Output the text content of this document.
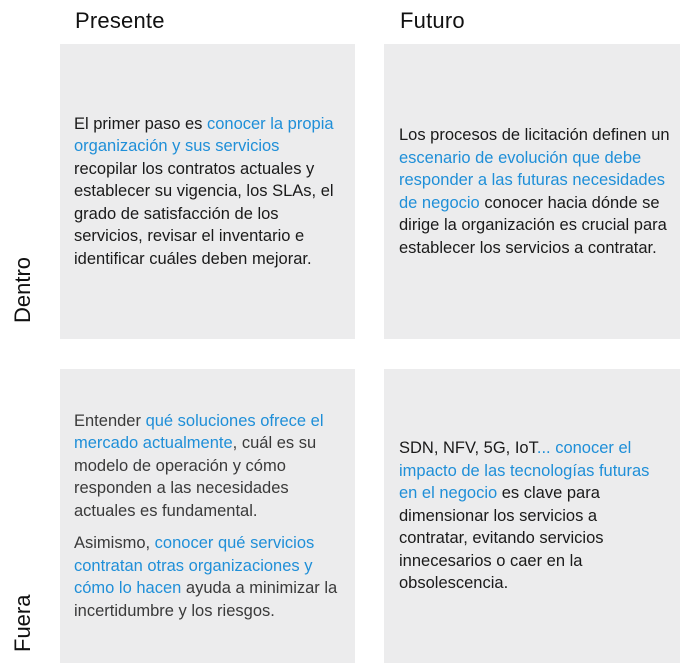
Presente	Futuro
Dentro
Fuera

El primer paso es conocer la propia organización y sus servicios recopilar los contratos actuales y establecer su vigencia, los SLAs, el grado de satisfacción de los servicios, revisar el inventario e identificar cuáles deben mejorar.

Los procesos de licitación definen un escenario de evolución que debe responder a las futuras necesidades de negocio conocer hacia dónde se dirige la organización es crucial para establecer los servicios a contratar.

Entender qué soluciones ofrece el mercado actualmente, cuál es su modelo de operación y cómo responden a las necesidades actuales es fundamental.

Asimismo, conocer qué servicios contratan otras organizaciones y cómo lo hacen ayuda a minimizar la incertidumbre y los riesgos.

SDN, NFV, 5G, IoT... conocer el impacto de las tecnologías futuras en el negocio es clave para dimensionar los servicios a contratar, evitando servicios innecesarios o caer en la obsolescencia.
